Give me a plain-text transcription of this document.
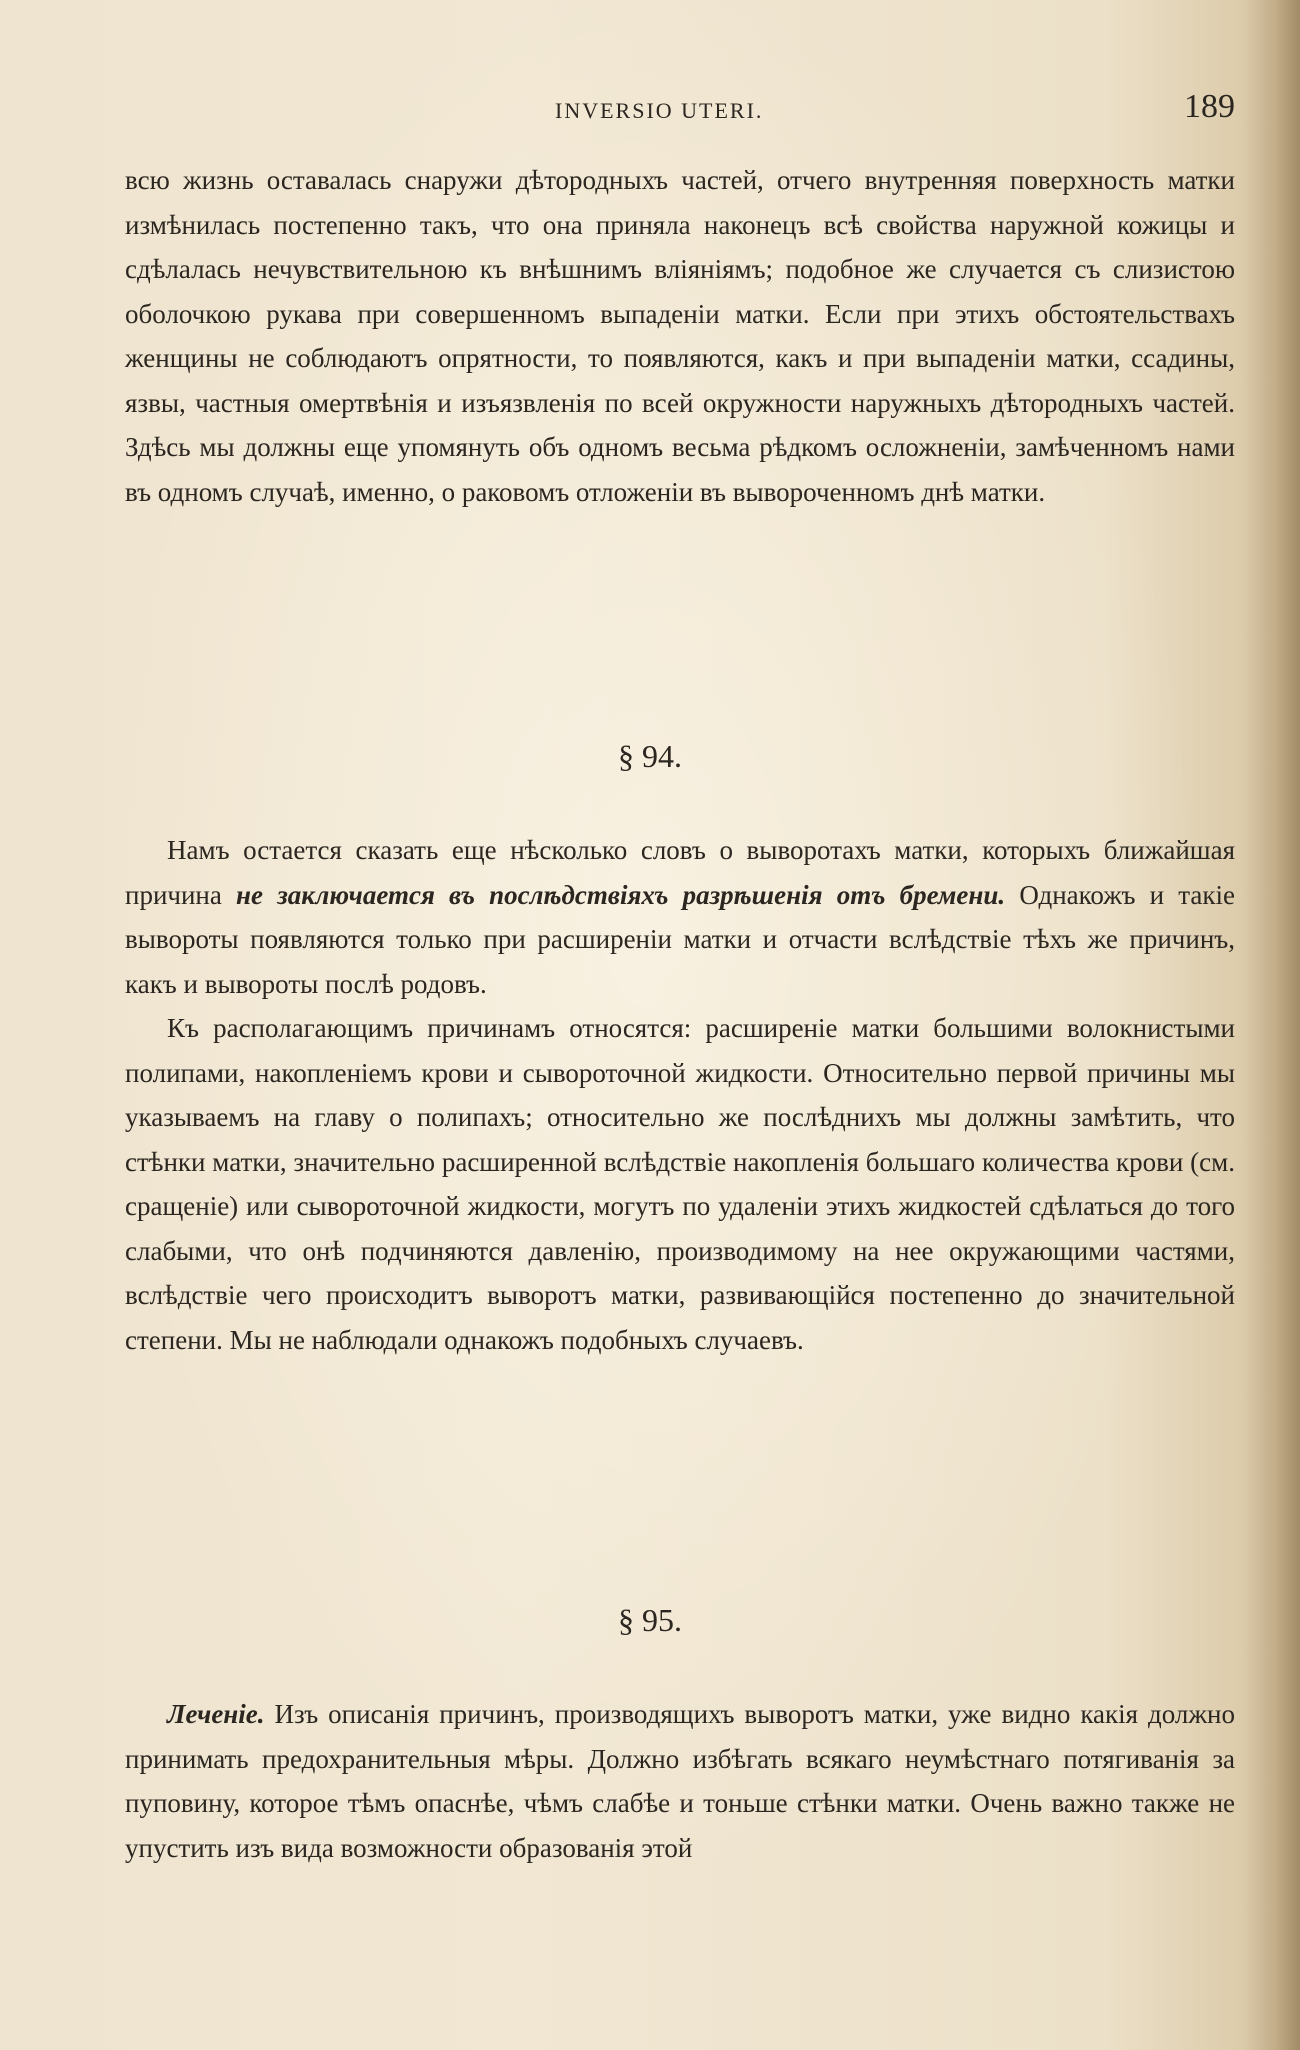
INVERSIO UTERI.	189

всю жизнь оставалась снаружи дѣтородныхъ частей, отчего внутренняя поверхность матки измѣнилась постепенно такъ, что она приняла наконецъ всѣ свойства наружной кожицы и сдѣлалась нечувствительною къ внѣшнимъ вліяніямъ; подобное же случается съ слизистою оболочкою рукава при совершенномъ выпаденіи матки. Если при этихъ обстоятельствахъ женщины не соблюдаютъ опрятности, то появляются, какъ и при выпаденіи матки, ссадины, язвы, частныя омертвѣнія и изъязвленія по всей окружности наружныхъ дѣтородныхъ частей. Здѣсь мы должны еще упомянуть объ одномъ весьма рѣдкомъ осложненіи, замѣченномъ нами въ одномъ случаѣ, именно, о раковомъ отложеніи въ вывороченномъ днѣ матки.

§ 94.

Намъ остается сказать еще нѣсколько словъ о выворотахъ матки, которыхъ ближайшая причина не заключается въ послѣдствіяхъ разрѣшенія отъ бремени. Однакожъ и такіе вывороты появляются только при расширеніи матки и отчасти вслѣдствіе тѣхъ же причинъ, какъ и вывороты послѣ родовъ.

Къ располагающимъ причинамъ относятся: расширеніе матки большими волокнистыми полипами, накопленіемъ крови и сывороточной жидкости. Относительно первой причины мы указываемъ на главу о полипахъ; относительно же послѣднихъ мы должны замѣтить, что стѣнки матки, значительно расширенной вслѣдствіе накопленія большаго количества крови (см. сращеніе) или сывороточной жидкости, могутъ по удаленіи этихъ жидкостей сдѣлаться до того слабыми, что онѣ подчиняются давленію, производимому на нее окружающими частями, вслѣдствіе чего происходитъ выворотъ матки, развивающійся постепенно до значительной степени. Мы не наблюдали однакожъ подобныхъ случаевъ.

§ 95.

Леченіе. Изъ описанія причинъ, производящихъ выворотъ матки, уже видно какія должно принимать предохранительныя мѣры. Должно избѣгать всякаго неумѣстнаго потягиванія за пуповину, которое тѣмъ опаснѣе, чѣмъ слабѣе и тоньше стѣнки матки. Очень важно также не упустить изъ вида возможности образованія этой
